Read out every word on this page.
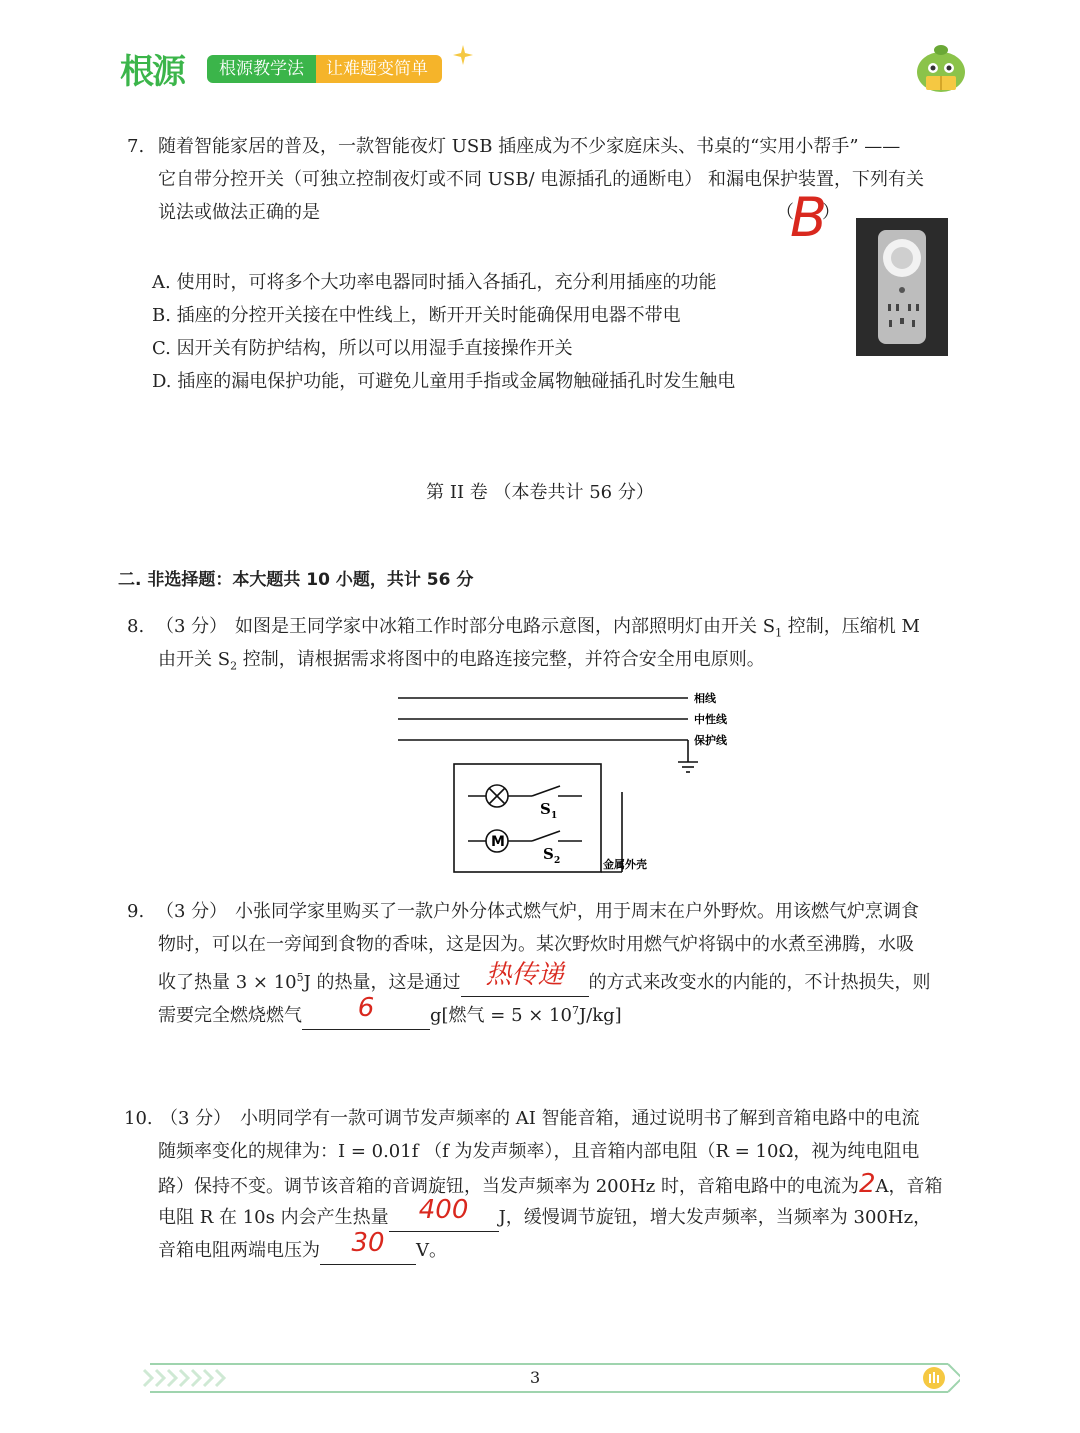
根源	根源教学法	让难题变简单
7. 随着智能家居的普及，一款智能夜灯 USB 插座成为不少家庭床头、书桌的“实用小帮手” ——
它自带分控开关（可独立控制夜灯或不同 USB/ 电源插孔的通断电） 和漏电保护装置，下列有关
说法或做法正确的是	（ ）
B
A. 使用时，可将多个大功率电器同时插入各插孔，充分利用插座的功能
B. 插座的分控开关接在中性线上，断开开关时能确保用电器不带电
C. 因开关有防护结构，所以可以用湿手直接操作开关
D. 插座的漏电保护功能，可避免儿童用手指或金属物触碰插孔时发生触电
第 II 卷 （本卷共计 56 分）
二. 非选择题：本大题共 10 小题，共计 56 分
8. （3 分） 如图是王同学家中冰箱工作时部分电路示意图，内部照明灯由开关 $S_1$ 控制，压缩机 M
由开关 $S_2$ 控制，请根据需求将图中的电路连接完整，并符合安全用电原则。
相线
中性线
保护线
M
S 1
S 2	金属外壳
9. （3 分） 小张同学家里购买了一款户外分体式燃气炉，用于周末在户外野炊。用该燃气炉烹调食
物时，可以在一旁闻到食物的香味，这是因为。某次野炊时用燃气炉将锅中的水煮至沸腾，水吸
收了热量 $3 \times 10^5J$ 的热量，这是通过 热传递	的方式来改变水的内能的，不计热损失，则
需要完全燃烧燃气	6	g[燃气 = $5 \times 10^7J/kg$]
10. （3 分） 小明同学有一款可调节发声频率的 AI 智能音箱，通过说明书了解到音箱电路中的电流
随频率变化的规律为：I = 0.01f （f 为发声频率），且音箱内部电阻（R = 10Ω，视为纯电阻电
路）保持不变。调节该音箱的音调旋钮，当发声频率为 200Hz 时，音箱电路中的电流为2A，音箱
电阻 R 在 10s 内会产生热量	400	J，缓慢调节旋钮，增大发声频率，当频率为 300Hz，
音箱电阻两端电压为	30	V。
3
